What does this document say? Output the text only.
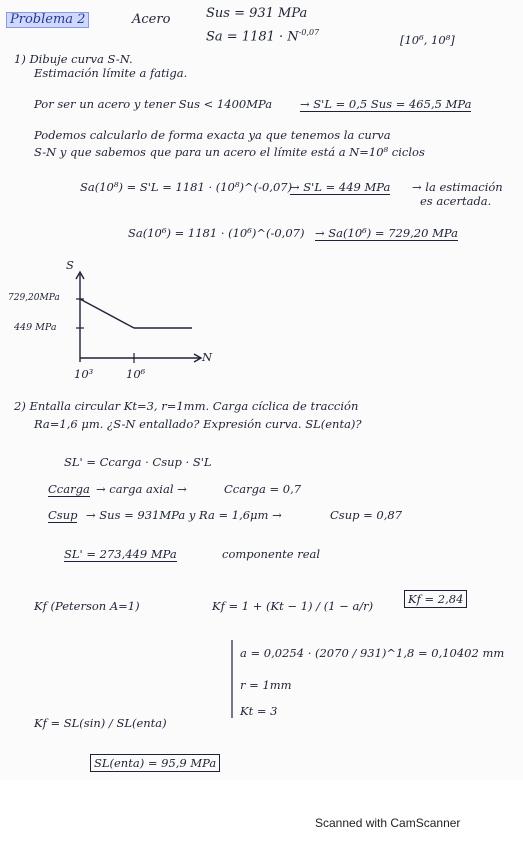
Problema 2	Acero	Sus = 931 MPa
$Sa = 1181 \cdot N^{-0,07}$
[10⁶, 10⁸]
1) Dibuje curva S-N.
Estimación límite a fatiga.
Por ser un acero y tener Sus < 1400MPa → S'L = 0,5 Sus = 465,5 MPa
Podemos calcularlo de forma exacta ya que tenemos la curva
S-N y que sabemos que para un acero el límite está a N=10⁸ ciclos
Sa(10⁸) = S'L = 1181 · (10⁸)^(-0,07)
→ S'L = 449 MPa → la estimación
es acertada.
Sa(10⁶) = 1181 · (10⁶)^(-0,07) → Sa(10⁶) = 729,20 MPa
S
N
729,20MPa
449 MPa
10³	10⁶
2) Entalla circular Kt=3, r=1mm. Carga cíclica de tracción
Ra=1,6 μm. ¿S-N entallado? Expresión curva. SL(enta)?
SL' = Ccarga · Csup · S'L
Ccarga → carga axial →	Ccarga = 0,7
Csup → Sus = 931MPa y Ra = 1,6μm →	Csup = 0,87
SL' = 273,449 MPa	componente real
Kf (Peterson A=1)	Kf = 1 + (Kt − 1) / (1 − a/r)	Kf = 2,84
a = 0,0254 · (2070 / 931)^1,8 = 0,10402 mm
r = 1mm
Kt = 3
Kf = SL(sin) / SL(enta)
SL(enta) = 95,9 MPa
Scanned with CamScanner
